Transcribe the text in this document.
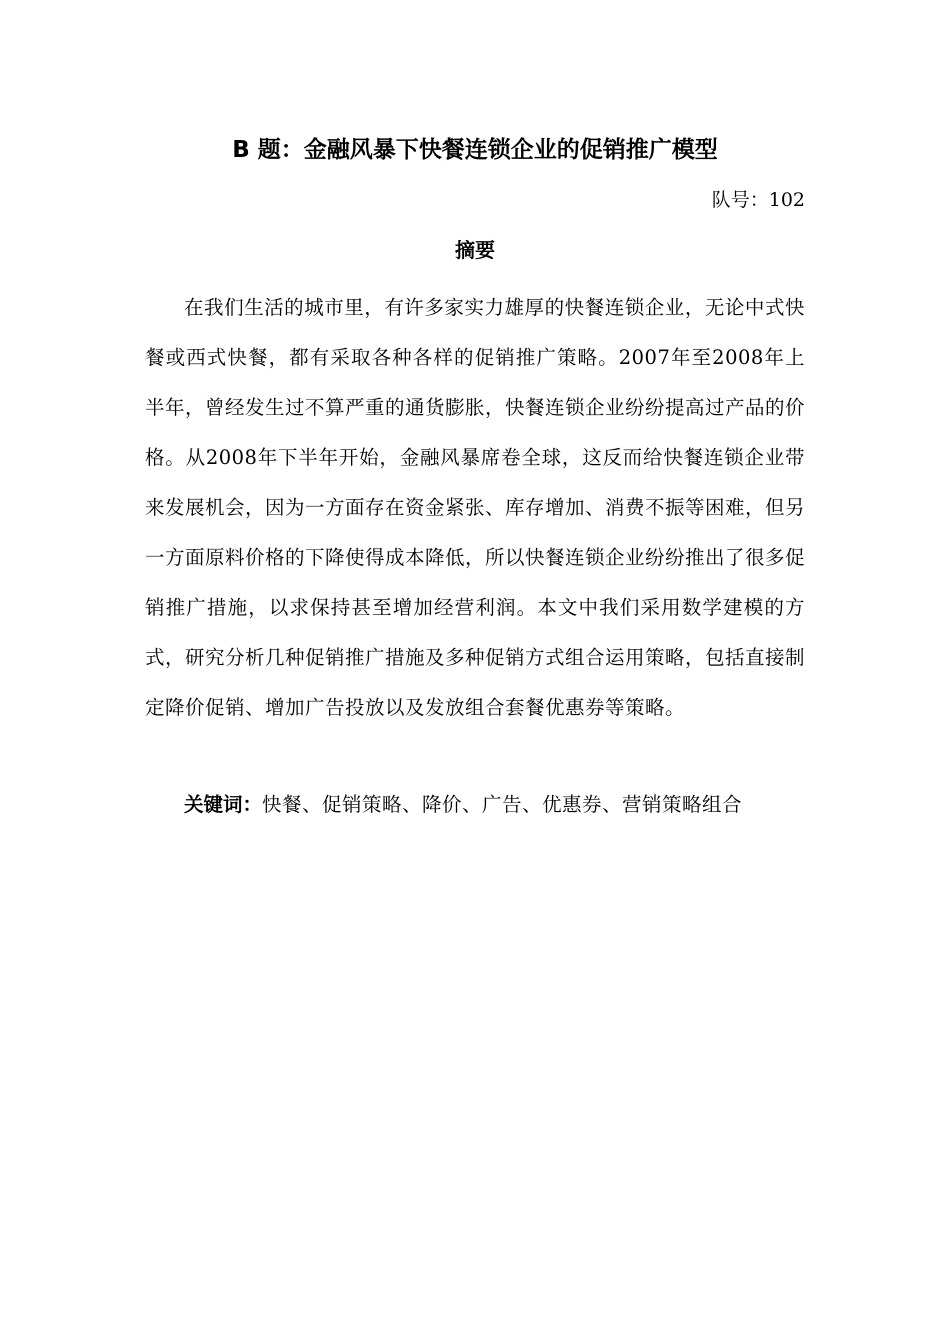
B 题：金融风暴下快餐连锁企业的促销推广模型
队号：102
摘要

在我们生活的城市里，有许多家实力雄厚的快餐连锁企业，无论中式快餐或西式快餐，都有采取各种各样的促销推广策略。2007年至2008年上半年，曾经发生过不算严重的通货膨胀，快餐连锁企业纷纷提高过产品的价格。从2008年下半年开始，金融风暴席卷全球，这反而给快餐连锁企业带来发展机会，因为一方面存在资金紧张、库存增加、消费不振等困难，但另一方面原料价格的下降使得成本降低，所以快餐连锁企业纷纷推出了很多促销推广措施，以求保持甚至增加经营利润。本文中我们采用数学建模的方式，研究分析几种促销推广措施及多种促销方式组合运用策略，包括直接制定降价促销、增加广告投放以及发放组合套餐优惠券等策略。

关键词：快餐、促销策略、降价、广告、优惠券、营销策略组合
